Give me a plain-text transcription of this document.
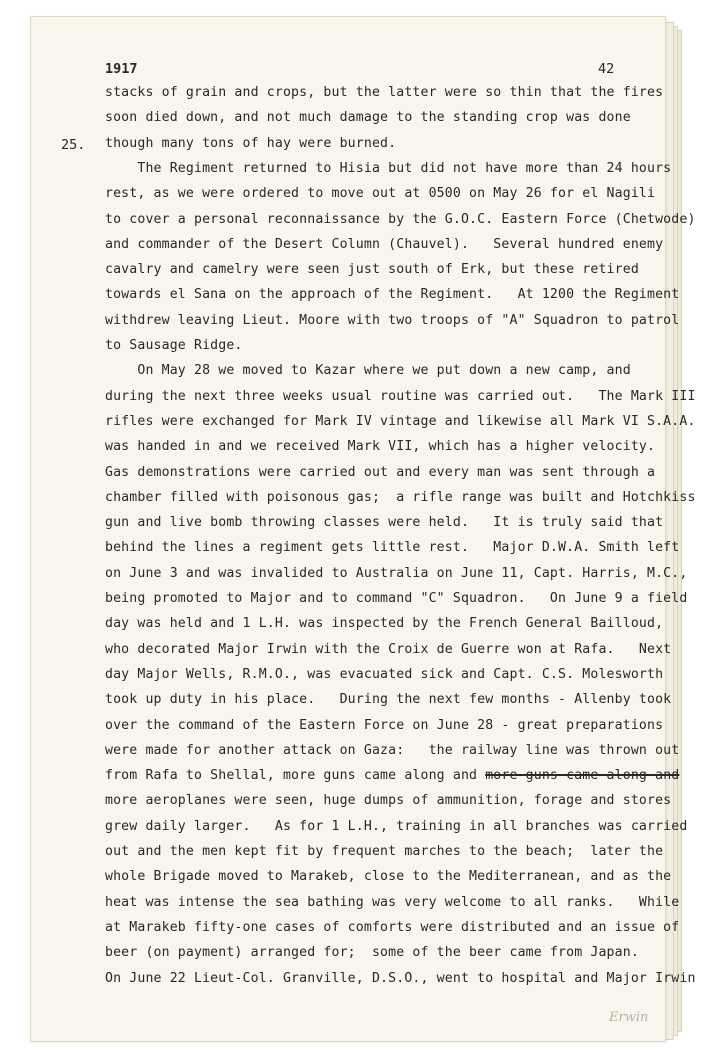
1917	42
25.
stacks of grain and crops, but the latter were so thin that the fires
soon died down, and not much damage to the standing crop was done
though many tons of hay were burned.
The Regiment returned to Hisia but did not have more than 24 hours
rest, as we were ordered to move out at 0500 on May 26 for el Nagili
to cover a personal reconnaissance by the G.O.C. Eastern Force (Chetwode)
and commander of the Desert Column (Chauvel).   Several hundred enemy
cavalry and camelry were seen just south of Erk, but these retired
towards el Sana on the approach of the Regiment.   At 1200 the Regiment
withdrew leaving Lieut. Moore with two troops of "A" Squadron to patrol
to Sausage Ridge.
On May 28 we moved to Kazar where we put down a new camp, and
during the next three weeks usual routine was carried out.   The Mark III
rifles were exchanged for Mark IV vintage and likewise all Mark VI S.A.A.
was handed in and we received Mark VII, which has a higher velocity.
Gas demonstrations were carried out and every man was sent through a
chamber filled with poisonous gas;  a rifle range was built and Hotchkiss
gun and live bomb throwing classes were held.   It is truly said that
behind the lines a regiment gets little rest.   Major D.W.A. Smith left
on June 3 and was invalided to Australia on June 11, Capt. Harris, M.C.,
being promoted to Major and to command "C" Squadron.   On June 9 a field
day was held and 1 L.H. was inspected by the French General Bailloud,
who decorated Major Irwin with the Croix de Guerre won at Rafa.   Next
day Major Wells, R.M.O., was evacuated sick and Capt. C.S. Molesworth
took up duty in his place.   During the next few months - Allenby took
over the command of the Eastern Force on June 28 - great preparations
were made for another attack on Gaza:   the railway line was thrown out
from Rafa to Shellal, more guns came along and more guns came along and
more aeroplanes were seen, huge dumps of ammunition, forage and stores
grew daily larger.   As for 1 L.H., training in all branches was carried
out and the men kept fit by frequent marches to the beach;  later the
whole Brigade moved to Marakeb, close to the Mediterranean, and as the
heat was intense the sea bathing was very welcome to all ranks.   While
at Marakeb fifty-one cases of comforts were distributed and an issue of
beer (on payment) arranged for;  some of the beer came from Japan.
On June 22 Lieut-Col. Granville, D.S.O., went to hospital and Major Irwin
Erwin
